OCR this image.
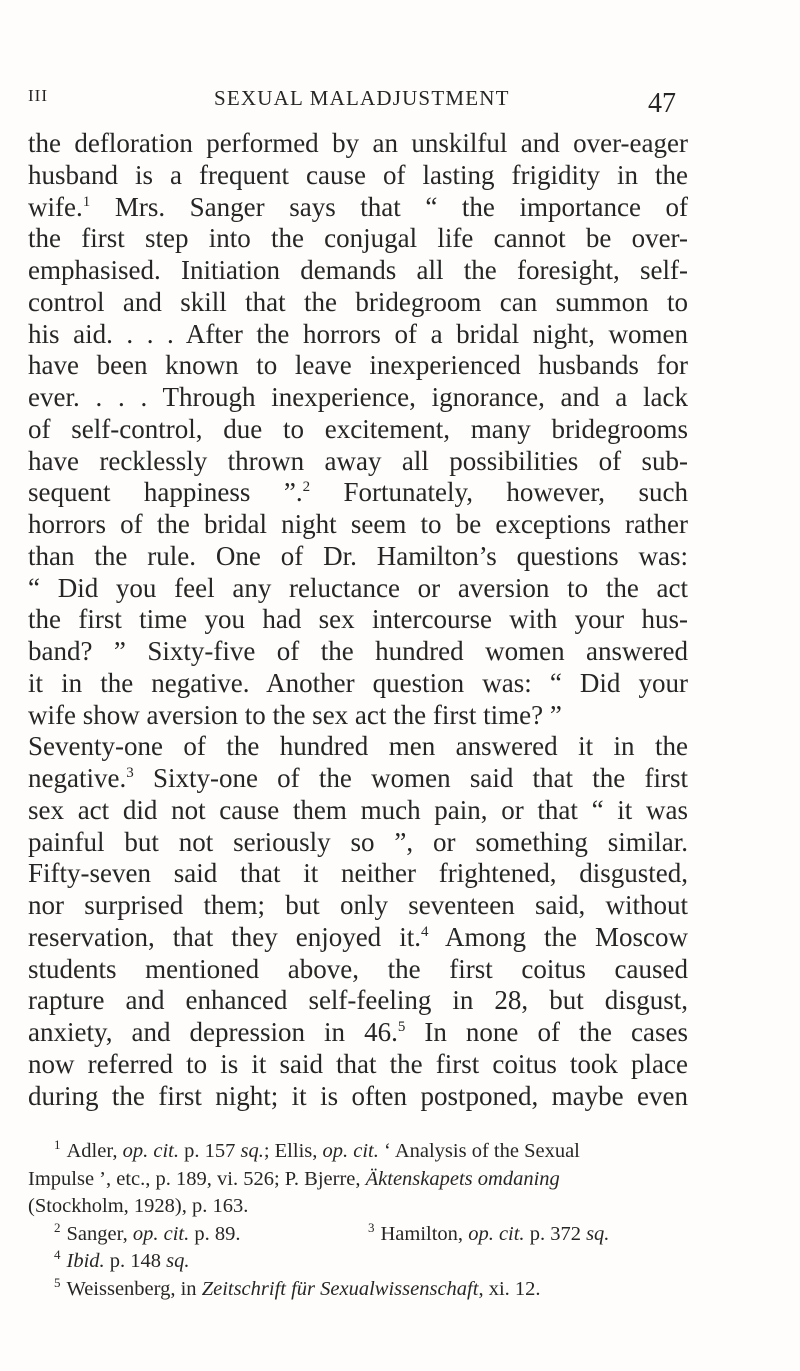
III	SEXUAL MALADJUSTMENT	47
the defloration performed by an unskilful and over-eager
husband is a frequent cause of lasting frigidity in the
wife.$^1$ Mrs. Sanger says that “ the importance of
the first step into the conjugal life cannot be over-
emphasised. Initiation demands all the foresight, self-
control and skill that the bridegroom can summon to
his aid. . . . After the horrors of a bridal night, women
have been known to leave inexperienced husbands for
ever. . . . Through inexperience, ignorance, and a lack
of self-control, due to excitement, many bridegrooms
have recklessly thrown away all possibilities of sub-
sequent happiness ”.$^2$ Fortunately, however, such
horrors of the bridal night seem to be exceptions rather
than the rule. One of Dr. Hamilton’s questions was:
“ Did you feel any reluctance or aversion to the act
the first time you had sex intercourse with your hus-
band? ” Sixty-five of the hundred women answered
it in the negative. Another question was: “ Did your
wife show aversion to the sex act the first time? ”
Seventy-one of the hundred men answered it in the
negative.$^3$ Sixty-one of the women said that the first
sex act did not cause them much pain, or that “ it was
painful but not seriously so ”, or something similar.
Fifty-seven said that it neither frightened, disgusted,
nor surprised them; but only seventeen said, without
reservation, that they enjoyed it.$^4$ Among the Moscow
students mentioned above, the first coitus caused
rapture and enhanced self-feeling in 28, but disgust,
anxiety, and depression in 46.$^5$ In none of the cases
now referred to is it said that the first coitus took place
during the first night; it is often postponed, maybe even
$^1$ Adler, op. cit. p. 157 sq.; Ellis, op. cit. ‘ Analysis of the Sexual
Impulse ’, etc., p. 189, vi. 526; P. Bjerre, Äktenskapets omdaning
(Stockholm, 1928), p. 163.
$^2$ Sanger, op. cit. p. 89.	$^3$ Hamilton, op. cit. p. 372 sq.
$^4$ Ibid. p. 148 sq.
$^5$ Weissenberg, in Zeitschrift für Sexualwissenschaft, xi. 12.
